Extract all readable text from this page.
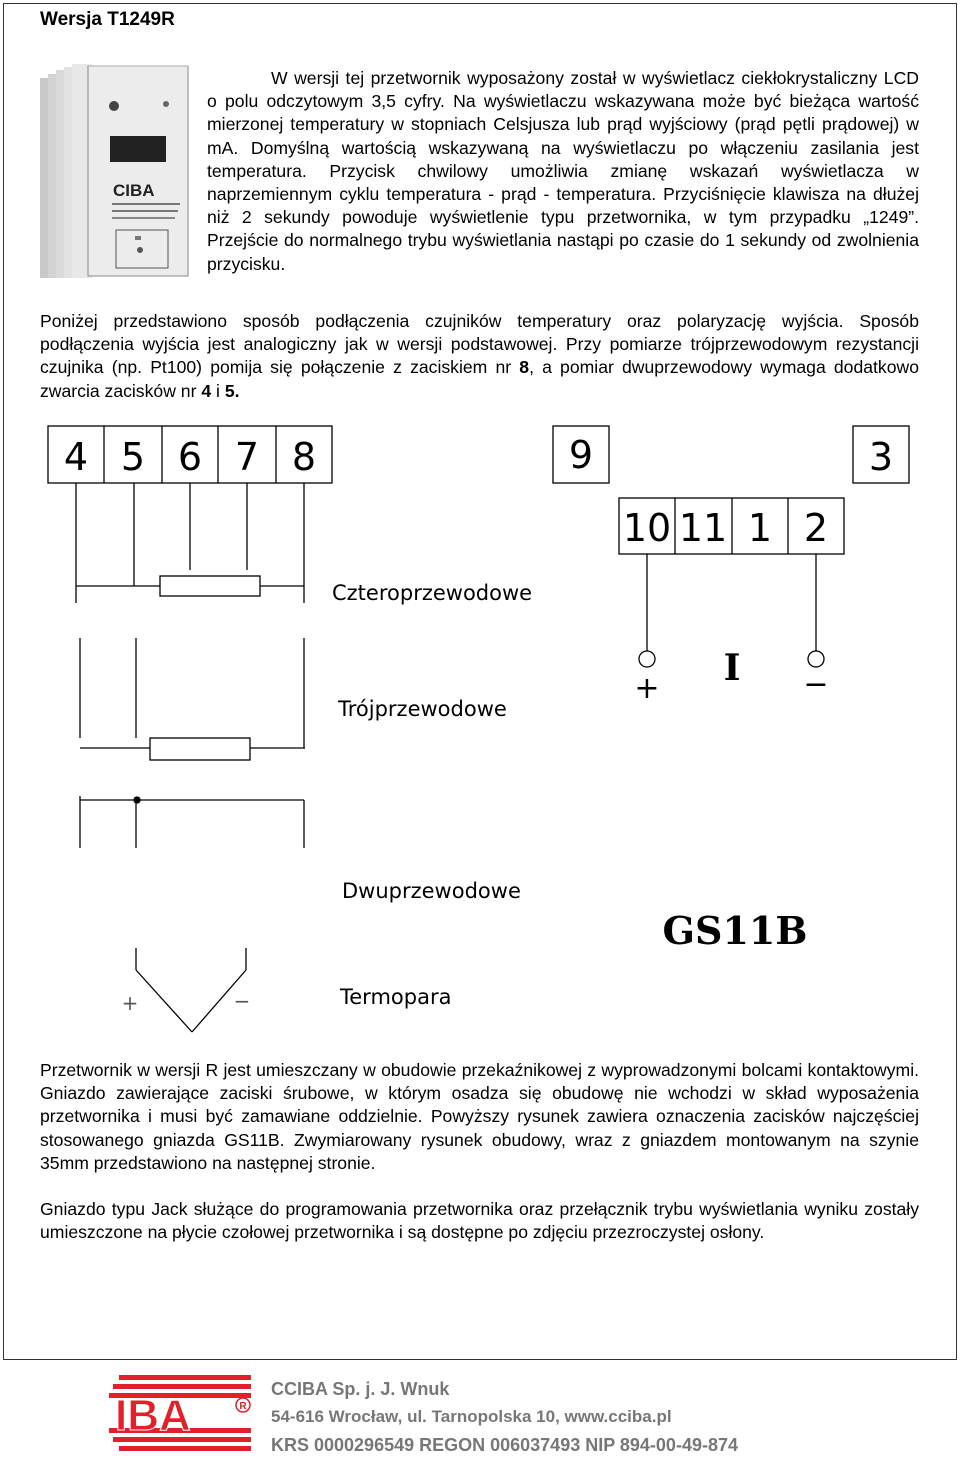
Wersja T1249R
CIBA
W wersji tej przetwornik wyposażony został w wyświetlacz ciekłokrystaliczny LCD o polu odczytowym 3,5 cyfry. Na wyświetlaczu wskazywana może być bieżąca wartość mierzonej temperatury w stopniach Celsjusza lub prąd wyjściowy (prąd pętli prądowej) w mA. Domyślną wartością wskazywaną na wyświetlaczu po włączeniu zasilania jest temperatura. Przycisk chwilowy umożliwia zmianę wskazań wyświetlacza w naprzemiennym cyklu temperatura - prąd - temperatura. Przyciśnięcie klawisza na dłużej niż 2 sekundy powoduje wyświetlenie typu przetwornika, w tym przypadku „1249”. Przejście do normalnego trybu wyświetlania nastąpi po czasie do 1 sekundy od zwolnienia przycisku.
Poniżej przedstawiono sposób podłączenia czujników temperatury oraz polaryzację wyjścia. Sposób podłączenia wyjścia jest analogiczny jak w wersji podstawowej. Przy pomiarze trójprzewodowym rezystancji czujnika (np. Pt100) pomija się połączenie z zaciskiem nr 8, a pomiar dwuprzewodowy wymaga dodatkowo zwarcia zacisków nr 4 i 5.
4 5 6 7 8	9	3
10 11 1 2
Czteroprzewodowe
Trójprzewodowe
Dwuprzewodowe
Termopara
+ I −
+	−
GS11B
Przetwornik w wersji R jest umieszczany w obudowie przekaźnikowej z wyprowadzonymi bolcami kontaktowymi. Gniazdo zawierające zaciski śrubowe, w którym osadza się obudowę nie wchodzi w skład wyposażenia przetwornika i musi być zamawiane oddzielnie. Powyższy rysunek zawiera oznaczenia zacisków najczęściej stosowanego gniazda GS11B. Zwymiarowany rysunek obudowy, wraz z gniazdem montowanym na szynie 35mm przedstawiono na następnej stronie.
Gniazdo typu Jack służące do programowania przetwornika oraz przełącznik trybu wyświetlania wyniku zostały umieszczone na płycie czołowej przetwornika i są dostępne po zdjęciu przezroczystej osłony.
IBA	R
CCIBA Sp. j. J. Wnuk
54-616 Wrocław, ul. Tarnopolska 10, www.cciba.pl
KRS 0000296549 REGON 006037493 NIP 894-00-49-874
